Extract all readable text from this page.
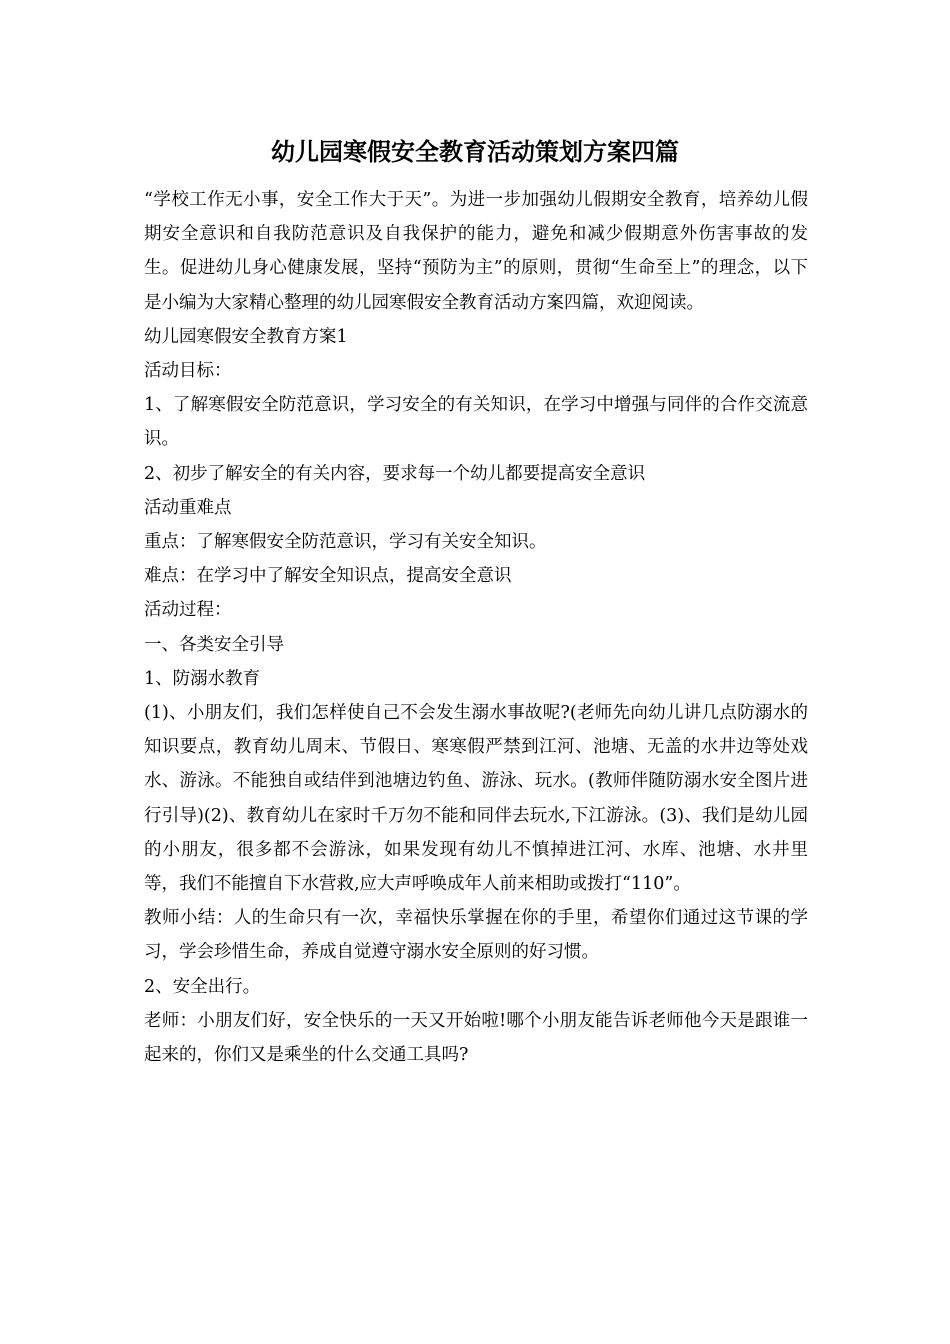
幼儿园寒假安全教育活动策划方案四篇

“学校工作无小事，安全工作大于天”。为进一步加强幼儿假期安全教育，培养幼儿假期安全意识和自我防范意识及自我保护的能力，避免和减少假期意外伤害事故的发生。促进幼儿身心健康发展，坚持“预防为主”的原则，贯彻“生命至上”的理念，以下是小编为大家精心整理的幼儿园寒假安全教育活动方案四篇，欢迎阅读。

幼儿园寒假安全教育方案1

活动目标：

1、了解寒假安全防范意识，学习安全的有关知识，在学习中增强与同伴的合作交流意识。

2、初步了解安全的有关内容，要求每一个幼儿都要提高安全意识

活动重难点

重点：了解寒假安全防范意识，学习有关安全知识。

难点：在学习中了解安全知识点，提高安全意识

活动过程：

一、各类安全引导

1、防溺水教育

(1)、小朋友们，我们怎样使自己不会发生溺水事故呢?(老师先向幼儿讲几点防溺水的知识要点，教育幼儿周末、节假日、寒寒假严禁到江河、池塘、无盖的水井边等处戏水、游泳。不能独自或结伴到池塘边钓鱼、游泳、玩水。(教师伴随防溺水安全图片进行引导)(2)、教育幼儿在家时千万勿不能和同伴去玩水,下江游泳。(3)、我们是幼儿园的小朋友，很多都不会游泳，如果发现有幼儿不慎掉进江河、水库、池塘、水井里等，我们不能擅自下水营救,应大声呼唤成年人前来相助或拨打“110”。

教师小结：人的生命只有一次，幸福快乐掌握在你的手里，希望你们通过这节课的学习，学会珍惜生命，养成自觉遵守溺水安全原则的好习惯。

2、安全出行。

老师：小朋友们好，安全快乐的一天又开始啦!哪个小朋友能告诉老师他今天是跟谁一起来的，你们又是乘坐的什么交通工具吗?
